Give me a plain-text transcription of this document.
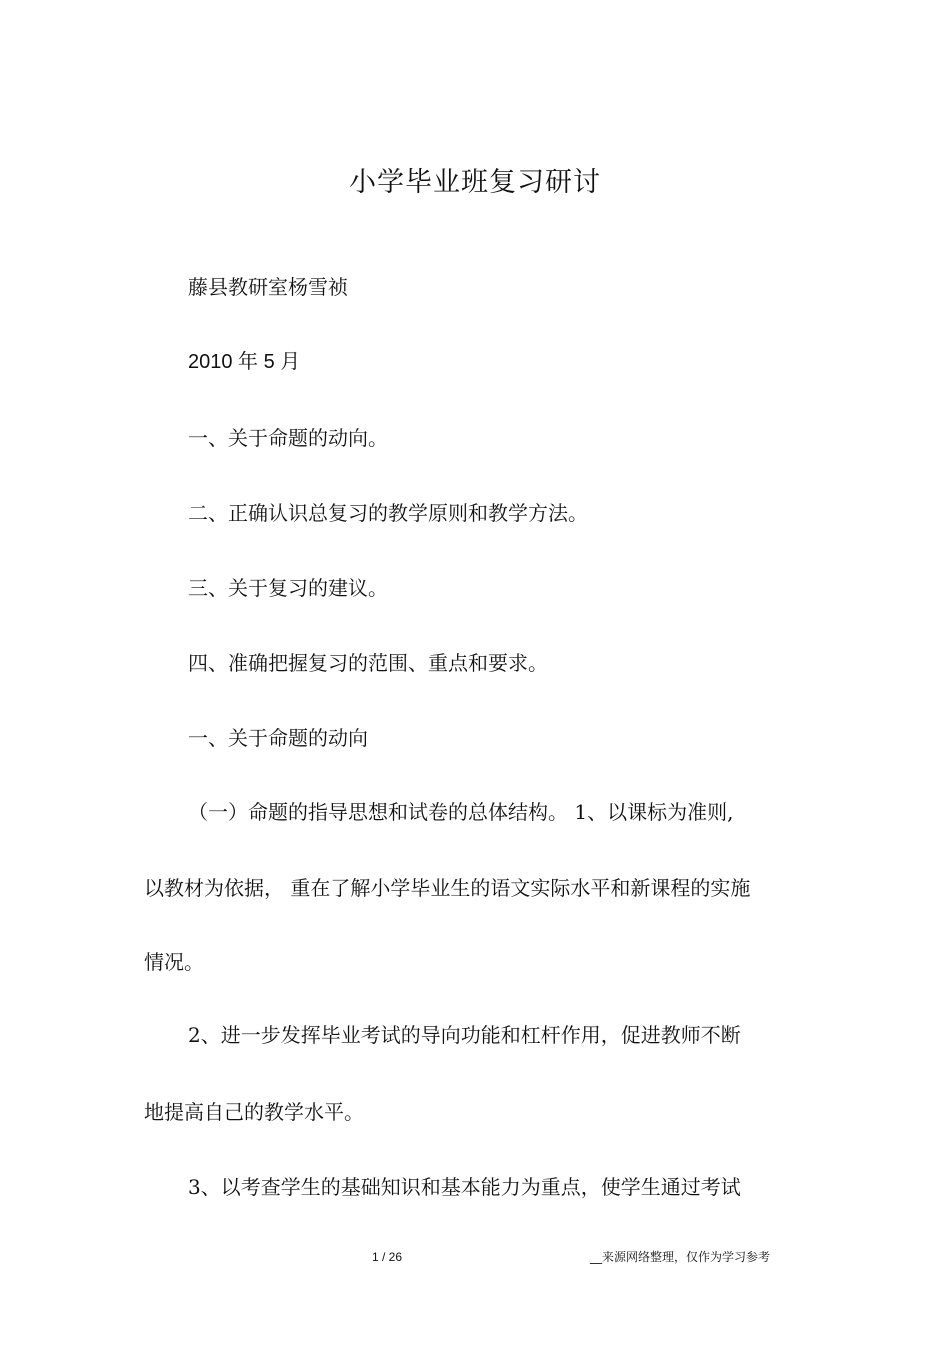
小学毕业班复习研讨
藤县教研室杨雪祯
2010 年 5 月
一、关于命题的动向。
二、正确认识总复习的教学原则和教学方法。
三、关于复习的建议。
四、准确把握复习的范围、重点和要求。
一、关于命题的动向
（一）命题的指导思想和试卷的总体结构。 1、以课标为准则,
以教材为依据， 重在了解小学毕业生的语文实际水平和新课程的实施
情况。
2、进一步发挥毕业考试的导向功能和杠杆作用，促进教师不断
地提高自己的教学水平。
3、以考查学生的基础知识和基本能力为重点，使学生通过考试
1 / 26	__来源网络整理，仅作为学习参考
